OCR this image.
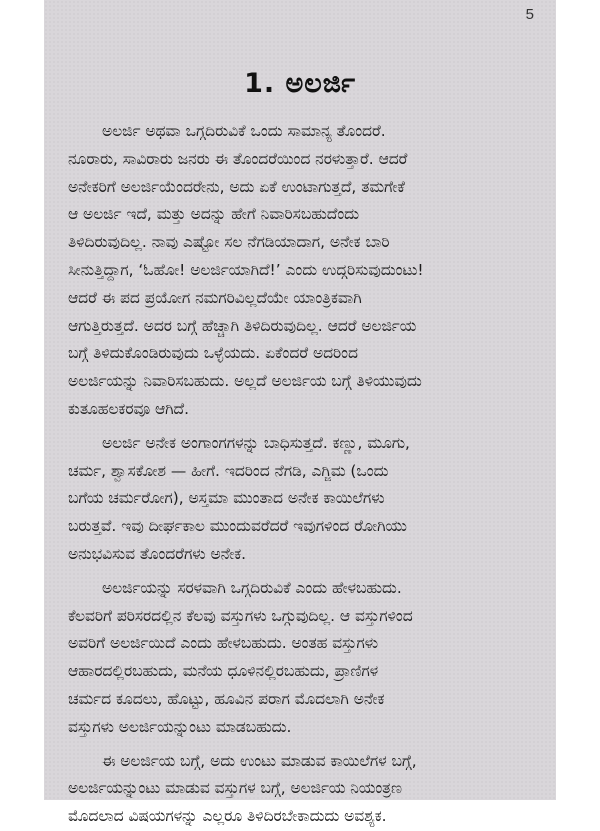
5
1. ಅಲರ್ಜಿ
ಅಲರ್ಜಿ ಅಥವಾ ಒಗ್ಗದಿರುವಿಕೆ ಒಂದು ಸಾಮಾನ್ಯ ತೊಂದರೆ.
ನೂರಾರು, ಸಾವಿರಾರು ಜನರು ಈ ತೊಂದರೆಯಿಂದ ನರಳುತ್ತಾರೆ. ಆದರೆ
ಅನೇಕರಿಗೆ ಅಲರ್ಜಿಯೆಂದರೇನು, ಅದು ಏಕೆ ಉಂಟಾಗುತ್ತದೆ, ತಮಗೇಕೆ
ಆ ಅಲರ್ಜಿ ಇದೆ, ಮತ್ತು ಅದನ್ನು ಹೇಗೆ ನಿವಾರಿಸಬಹುದೆಂದು
ತಿಳಿದಿರುವುದಿಲ್ಲ. ನಾವು ಎಷ್ಟೋ ಸಲ ನೆಗಡಿಯಾದಾಗ, ಅನೇಕ ಬಾರಿ
ಸೀನುತ್ತಿದ್ದಾಗ, ‘ಓಹೋ! ಅಲರ್ಜಿಯಾಗಿದೆ!’ ಎಂದು ಉದ್ಗರಿಸುವುದುಂಟು!
ಆದರೆ ಈ ಪದ ಪ್ರಯೋಗ ನಮಗರಿವಿಲ್ಲದೆಯೇ ಯಾಂತ್ರಿಕವಾಗಿ
ಆಗುತ್ತಿರುತ್ತದೆ. ಅದರ ಬಗ್ಗೆ ಹೆಚ್ಚಾಗಿ ತಿಳಿದಿರುವುದಿಲ್ಲ. ಆದರೆ ಅಲರ್ಜಿಯ
ಬಗ್ಗೆ ತಿಳಿದುಕೊಂಡಿರುವುದು ಒಳ್ಳೆಯದು. ಏಕೆಂದರೆ ಅದರಿಂದ
ಅಲರ್ಜಿಯನ್ನು ನಿವಾರಿಸಬಹುದು. ಅಲ್ಲದೆ ಅಲರ್ಜಿಯ ಬಗ್ಗೆ ತಿಳಿಯುವುದು
ಕುತೂಹಲಕರವೂ ಆಗಿದೆ.
ಅಲರ್ಜಿ ಅನೇಕ ಅಂಗಾಂಗಗಳನ್ನು ಬಾಧಿಸುತ್ತದೆ. ಕಣ್ಣು, ಮೂಗು,
ಚರ್ಮ, ಶ್ವಾಸಕೋಶ — ಹೀಗೆ. ಇದರಿಂದ ನೆಗಡಿ, ಎಗ್ಜಿಮ (ಒಂದು
ಬಗೆಯ ಚರ್ಮರೋಗ), ಅಸ್ತಮಾ ಮುಂತಾದ ಅನೇಕ ಕಾಯಿಲೆಗಳು
ಬರುತ್ತವೆ. ಇವು ದೀರ್ಘಕಾಲ ಮುಂದುವರೆದರೆ ಇವುಗಳಿಂದ ರೋಗಿಯು
ಅನುಭವಿಸುವ ತೊಂದರೆಗಳು ಅನೇಕ.
ಅಲರ್ಜಿಯನ್ನು ಸರಳವಾಗಿ ಒಗ್ಗದಿರುವಿಕೆ ಎಂದು ಹೇಳಬಹುದು.
ಕೆಲವರಿಗೆ ಪರಿಸರದಲ್ಲಿನ ಕೆಲವು ವಸ್ತುಗಳು ಒಗ್ಗುವುದಿಲ್ಲ. ಆ ವಸ್ತುಗಳಿಂದ
ಅವರಿಗೆ ಅಲರ್ಜಿಯಿದೆ ಎಂದು ಹೇಳಬಹುದು. ಅಂತಹ ವಸ್ತುಗಳು
ಆಹಾರದಲ್ಲಿರಬಹುದು, ಮನೆಯ ಧೂಳಿನಲ್ಲಿರಬಹುದು, ಪ್ರಾಣಿಗಳ
ಚರ್ಮದ ಕೂದಲು, ಹೊಟ್ಟು, ಹೂವಿನ ಪರಾಗ ಮೊದಲಾಗಿ ಅನೇಕ
ವಸ್ತುಗಳು ಅಲರ್ಜಿಯನ್ನುಂಟು ಮಾಡಬಹುದು.
ಈ ಅಲರ್ಜಿಯ ಬಗ್ಗೆ, ಅದು ಉಂಟು ಮಾಡುವ ಕಾಯಿಲೆಗಳ ಬಗ್ಗೆ,
ಅಲರ್ಜಿಯನ್ನುಂಟು ಮಾಡುವ ವಸ್ತುಗಳ ಬಗ್ಗೆ, ಅಲರ್ಜಿಯ ನಿಯಂತ್ರಣ
ಮೊದಲಾದ ವಿಷಯಗಳನ್ನು ಎಲ್ಲರೂ ತಿಳಿದಿರಬೇಕಾದುದು ಅವಶ್ಯಕ.
